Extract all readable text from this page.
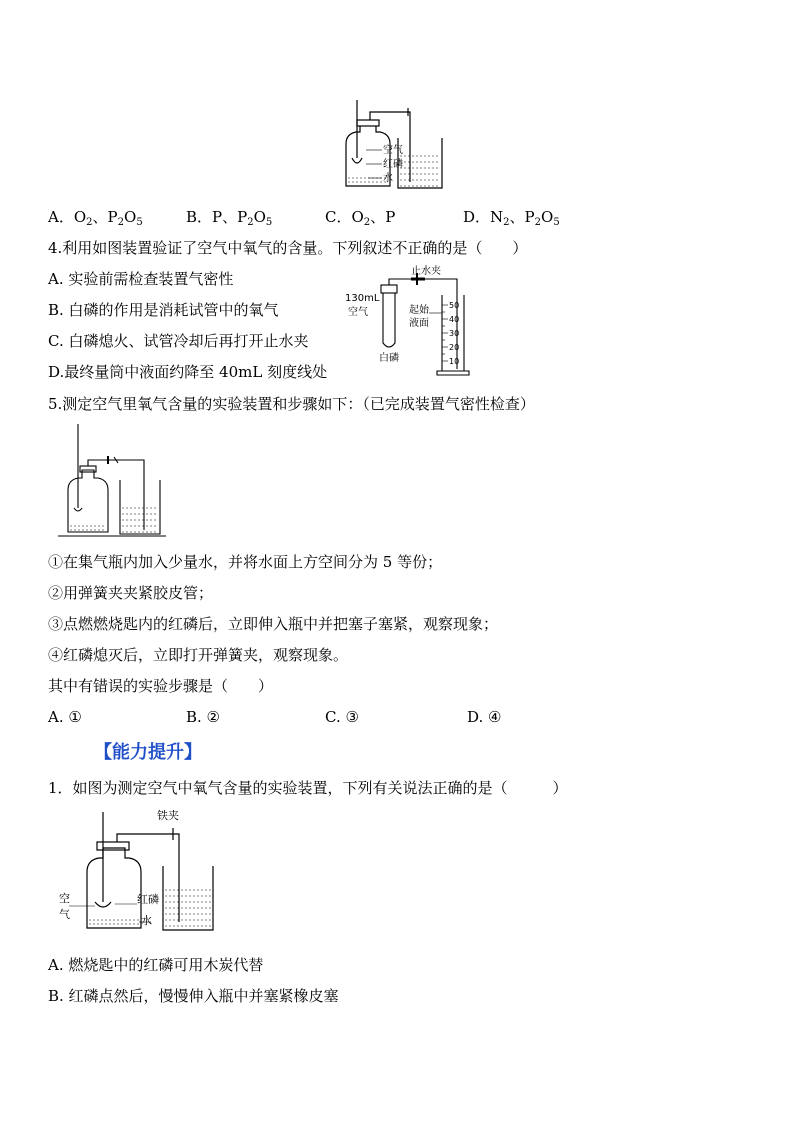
空气
红磷
水
A．$O_2$、$P_2O_5$	B．P、$P_2O_5$	C．$O_2$、P	D．$N_2$、$P_2O_5$
4.利用如图装置验证了空气中氧气的含量。下列叙述不正确的是（　　）
A. 实验前需检查装置气密性
B. 白磷的作用是消耗试管中的氧气
C. 白磷熄火、试管冷却后再打开止水夹
D.最终量筒中液面约降至 40mL 刻度线处
止水夹
130mL
空气	起始
液面
白磷
50
40
30
20
10
5.测定空气里氧气含量的实验装置和步骤如下：（已完成装置气密性检查）
①在集气瓶内加入少量水，并将水面上方空间分为 5 等份；
②用弹簧夹夹紧胶皮管；
③点燃燃烧匙内的红磷后，立即伸入瓶中并把塞子塞紧，观察现象；
④红磷熄灭后，立即打开弹簧夹，观察现象。
其中有错误的实验步骤是（　　）
A. ①	B. ②	C. ③	D. ④
【能力提升】
1．如图为测定空气中氧气含量的实验装置，下列有关说法正确的是（　　　）
铁夹
空
气
红磷
水
A. 燃烧匙中的红磷可用木炭代替
B. 红磷点然后，慢慢伸入瓶中并塞紧橡皮塞
